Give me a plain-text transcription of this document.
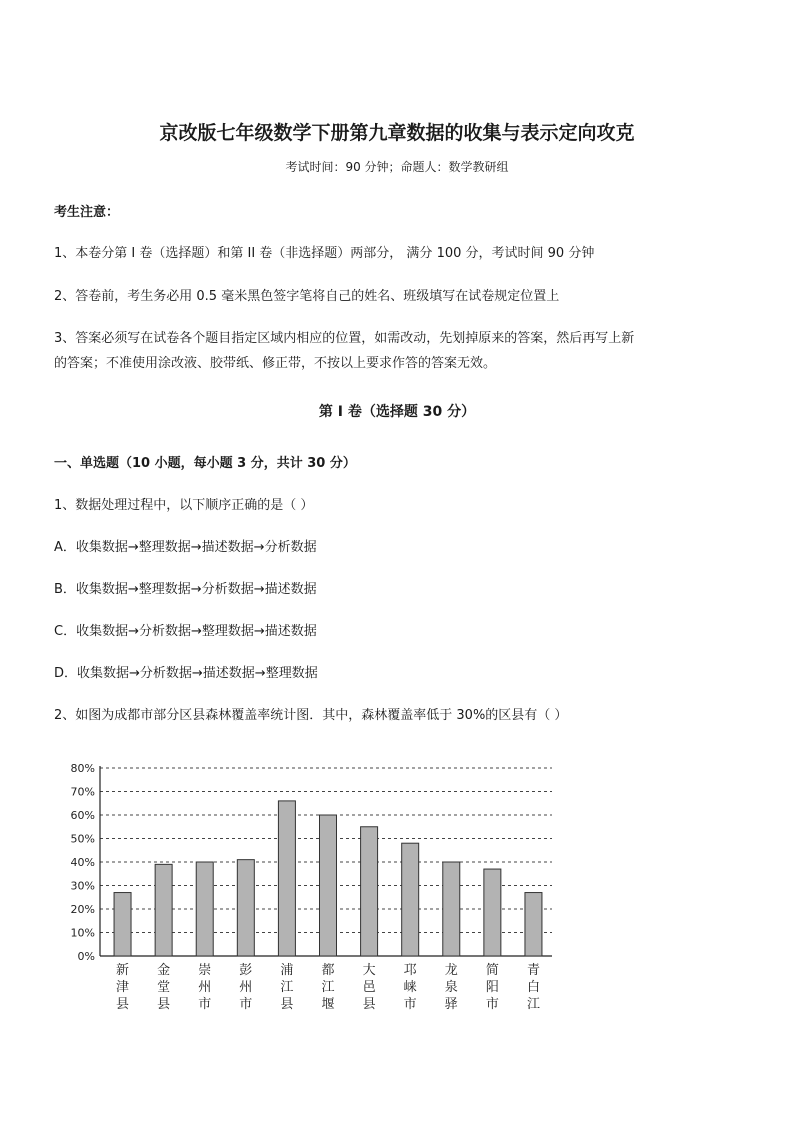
京改版七年级数学下册第九章数据的收集与表示定向攻克
考试时间：90 分钟；命题人：数学教研组
考生注意：
1、本卷分第 I 卷（选择题）和第 II 卷（非选择题）两部分， 满分 100 分，考试时间 90 分钟
2、答卷前，考生务必用 0.5 毫米黑色签字笔将自己的姓名、班级填写在试卷规定位置上
3、答案必须写在试卷各个题目指定区域内相应的位置，如需改动，先划掉原来的答案，然后再写上新
的答案；不准使用涂改液、胶带纸、修正带，不按以上要求作答的答案无效。
第 I 卷（选择题 30 分）
一、单选题（10 小题，每小题 3 分，共计 30 分）
1、数据处理过程中，以下顺序正确的是（ ）
A．收集数据→整理数据→描述数据→分析数据
B．收集数据→整理数据→分析数据→描述数据
C．收集数据→分析数据→整理数据→描述数据
D．收集数据→分析数据→描述数据→整理数据
2、如图为成都市部分区县森林覆盖率统计图．其中，森林覆盖率低于 30%的区县有（ ）
0%
10%
20%
30%
40%
50%
60%
70%
80%
新
津
县
金
堂
县
崇
州
市
彭
州
市
浦
江
县
都
江
堰
大
邑
县
邛
崃
市
龙
泉
驿
简
阳
市
青
白
江
